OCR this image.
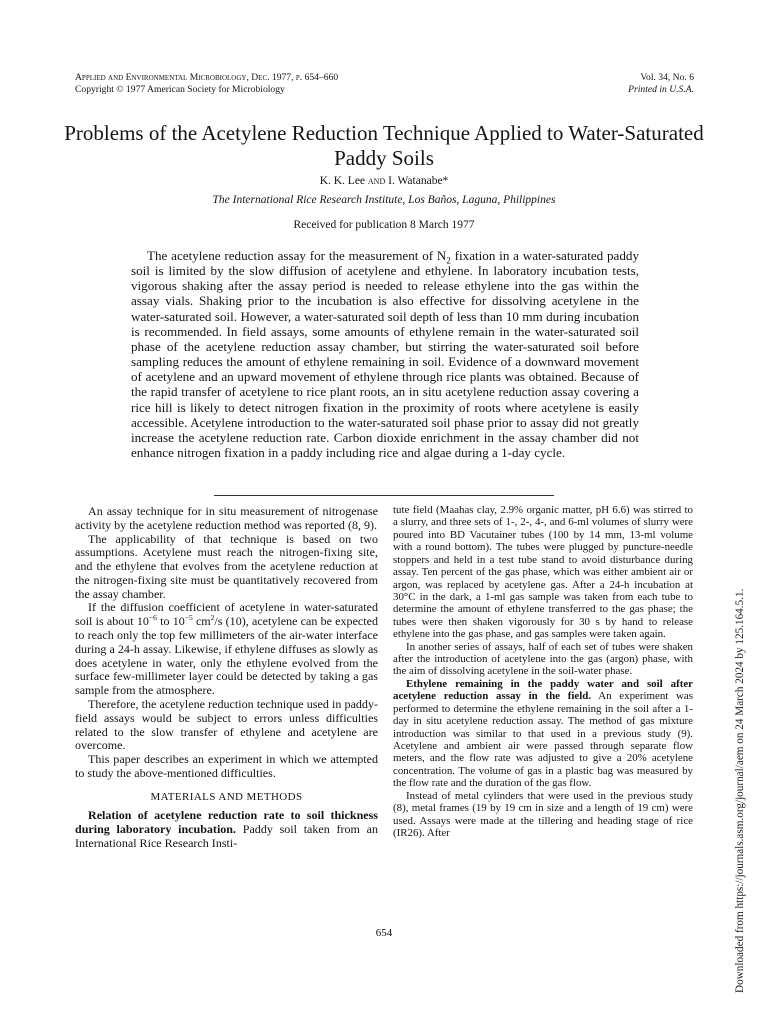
Applied and Environmental Microbiology, Dec. 1977, p. 654–660
Copyright © 1977 American Society for Microbiology
Vol. 34, No. 6
Printed in U.S.A.
Problems of the Acetylene Reduction Technique Applied to Water-Saturated Paddy Soils
K. K. Lee and I. Watanabe*
The International Rice Research Institute, Los Baños, Laguna, Philippines
Received for publication 8 March 1977

The acetylene reduction assay for the measurement of $N_2$ fixation in a water-saturated paddy soil is limited by the slow diffusion of acetylene and ethylene. In laboratory incubation tests, vigorous shaking after the assay period is needed to release ethylene into the gas within the assay vials. Shaking prior to the incubation is also effective for dissolving acetylene in the water-saturated soil. However, a water-saturated soil depth of less than 10 mm during incubation is recommended. In field assays, some amounts of ethylene remain in the water-saturated soil phase of the acetylene reduction assay chamber, but stirring the water-saturated soil before sampling reduces the amount of ethylene remaining in soil. Evidence of a downward movement of acetylene and an upward movement of ethylene through rice plants was obtained. Because of the rapid transfer of acetylene to rice plant roots, an in situ acetylene reduction assay covering a rice hill is likely to detect nitrogen fixation in the proximity of roots where acetylene is easily accessible. Acetylene introduction to the water-saturated soil phase prior to assay did not greatly increase the acetylene reduction rate. Carbon dioxide enrichment in the assay chamber did not enhance nitrogen fixation in a paddy including rice and algae during a 1-day cycle.

An assay technique for in situ measurement of nitrogenase activity by the acetylene reduction method was reported (8, 9).

The applicability of that technique is based on two assumptions. Acetylene must reach the nitrogen-fixing site, and the ethylene that evolves from the acetylene reduction at the nitrogen-fixing site must be quantitatively recovered from the assay chamber.

If the diffusion coefficient of acetylene in water-saturated soil is about $10^{-6}$ to $10^{-5}$ $cm^2/s$ (10), acetylene can be expected to reach only the top few millimeters of the air-water interface during a 24-h assay. Likewise, if ethylene diffuses as slowly as does acetylene in water, only the ethylene evolved from the surface few-millimeter layer could be detected by taking a gas sample from the atmosphere.

Therefore, the acetylene reduction technique used in paddy-field assays would be subject to errors unless difficulties related to the slow transfer of ethylene and acetylene are overcome.

This paper describes an experiment in which we attempted to study the above-mentioned difficulties.

MATERIALS AND METHODS

Relation of acetylene reduction rate to soil thickness during laboratory incubation. Paddy soil taken from an International Rice Research Insti-

tute field (Maahas clay, 2.9% organic matter, pH 6.6) was stirred to a slurry, and three sets of 1-, 2-, 4-, and 6-ml volumes of slurry were poured into BD Vacutainer tubes (100 by 14 mm, 13-ml volume with a round bottom). The tubes were plugged by puncture-needle stoppers and held in a test tube stand to avoid disturbance during assay. Ten percent of the gas phase, which was either ambient air or argon, was replaced by acetylene gas. After a 24-h incubation at 30°C in the dark, a 1-ml gas sample was taken from each tube to determine the amount of ethylene transferred to the gas phase; the tubes were then shaken vigorously for 30 s by hand to release ethylene into the gas phase, and gas samples were taken again.

In another series of assays, half of each set of tubes were shaken after the introduction of acetylene into the gas (argon) phase, with the aim of dissolving acetylene in the soil-water phase.

Ethylene remaining in the paddy water and soil after acetylene reduction assay in the field. An experiment was performed to determine the ethylene remaining in the soil after a 1-day in situ acetylene reduction assay. The method of gas mixture introduction was similar to that used in a previous study (9). Acetylene and ambient air were passed through separate flow meters, and the flow rate was adjusted to give a 20% acetylene concentration. The volume of gas in a plastic bag was measured by the flow rate and the duration of the gas flow.

Instead of metal cylinders that were used in the previous study (8), metal frames (19 by 19 cm in size and a length of 19 cm) were used. Assays were made at the tillering and heading stage of rice (IR26). After

654	Downloaded from https://journals.asm.org/journal/aem on 24 March 2024 by 125.164.5.1.
